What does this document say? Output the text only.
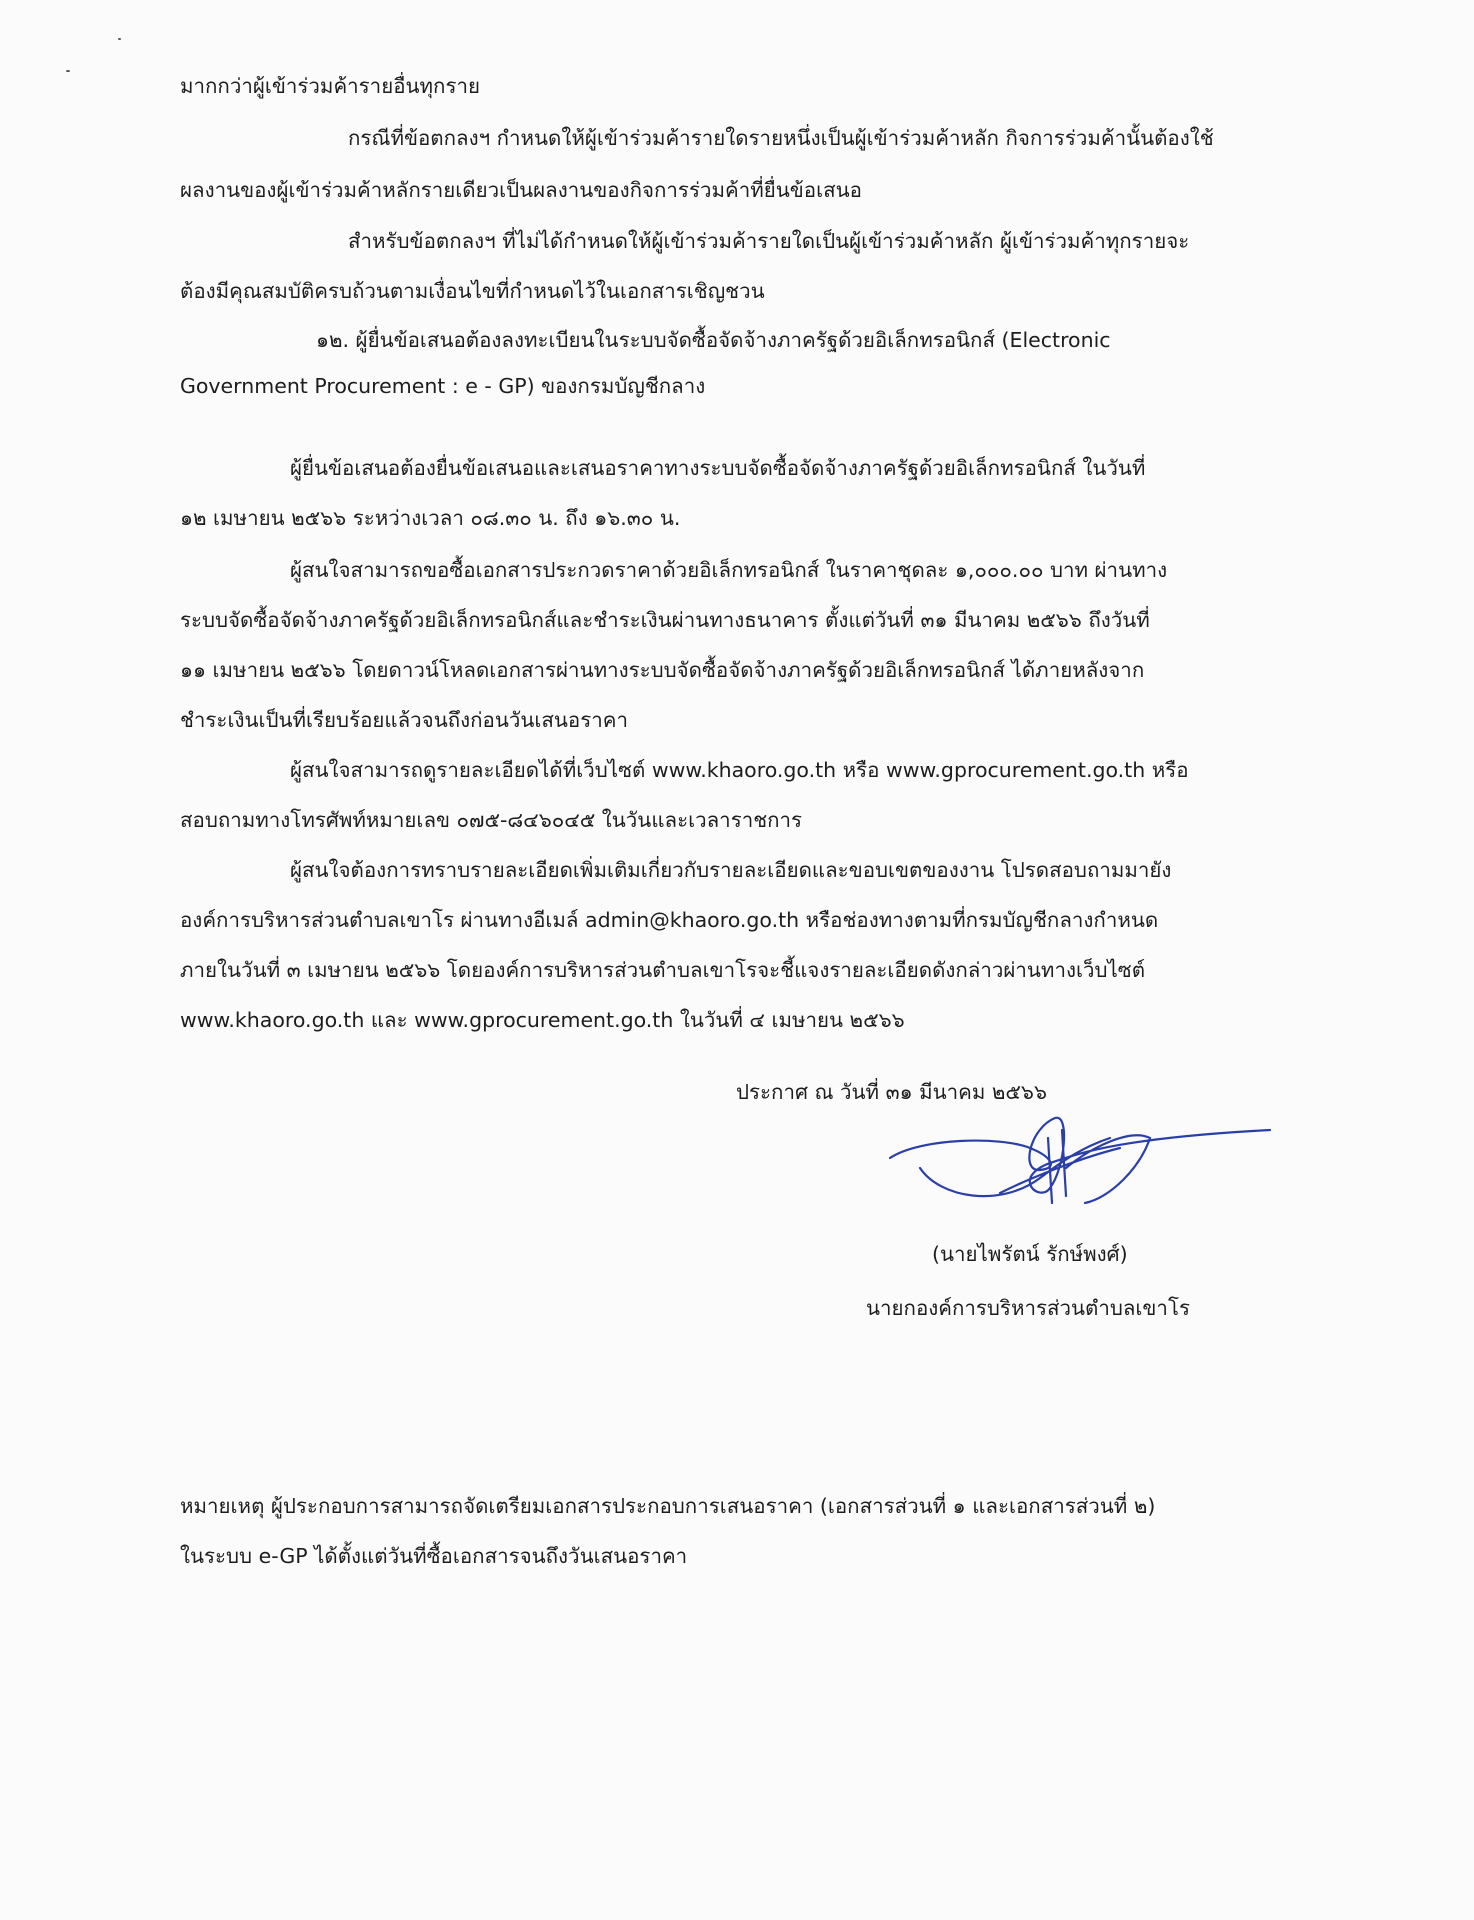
มากกว่าผู้เข้าร่วมค้ารายอื่นทุกราย
กรณีที่ข้อตกลงฯ กำหนดให้ผู้เข้าร่วมค้ารายใดรายหนึ่งเป็นผู้เข้าร่วมค้าหลัก กิจการร่วมค้านั้นต้องใช้
ผลงานของผู้เข้าร่วมค้าหลักรายเดียวเป็นผลงานของกิจการร่วมค้าที่ยื่นข้อเสนอ
สำหรับข้อตกลงฯ ที่ไม่ได้กำหนดให้ผู้เข้าร่วมค้ารายใดเป็นผู้เข้าร่วมค้าหลัก ผู้เข้าร่วมค้าทุกรายจะ
ต้องมีคุณสมบัติครบถ้วนตามเงื่อนไขที่กำหนดไว้ในเอกสารเชิญชวน
๑๒. ผู้ยื่นข้อเสนอต้องลงทะเบียนในระบบจัดซื้อจัดจ้างภาครัฐด้วยอิเล็กทรอนิกส์ (Electronic
Government Procurement : e - GP) ของกรมบัญชีกลาง
ผู้ยื่นข้อเสนอต้องยื่นข้อเสนอและเสนอราคาทางระบบจัดซื้อจัดจ้างภาครัฐด้วยอิเล็กทรอนิกส์ ในวันที่
๑๒ เมษายน ๒๕๖๖ ระหว่างเวลา ๐๘.๓๐ น. ถึง ๑๖.๓๐ น.
ผู้สนใจสามารถขอซื้อเอกสารประกวดราคาด้วยอิเล็กทรอนิกส์ ในราคาชุดละ ๑,๐๐๐.๐๐ บาท ผ่านทาง
ระบบจัดซื้อจัดจ้างภาครัฐด้วยอิเล็กทรอนิกส์และชำระเงินผ่านทางธนาคาร ตั้งแต่วันที่ ๓๑ มีนาคม ๒๕๖๖ ถึงวันที่
๑๑ เมษายน ๒๕๖๖ โดยดาวน์โหลดเอกสารผ่านทางระบบจัดซื้อจัดจ้างภาครัฐด้วยอิเล็กทรอนิกส์ ได้ภายหลังจาก
ชำระเงินเป็นที่เรียบร้อยแล้วจนถึงก่อนวันเสนอราคา
ผู้สนใจสามารถดูรายละเอียดได้ที่เว็บไซต์ www.khaoro.go.th หรือ www.gprocurement.go.th หรือ
สอบถามทางโทรศัพท์หมายเลข ๐๗๕-๘๔๖๐๔๕ ในวันและเวลาราชการ
ผู้สนใจต้องการทราบรายละเอียดเพิ่มเติมเกี่ยวกับรายละเอียดและขอบเขตของงาน โปรดสอบถามมายัง
องค์การบริหารส่วนตำบลเขาโร ผ่านทางอีเมล์ admin@khaoro.go.th หรือช่องทางตามที่กรมบัญชีกลางกำหนด
ภายในวันที่ ๓ เมษายน ๒๕๖๖ โดยองค์การบริหารส่วนตำบลเขาโรจะชี้แจงรายละเอียดดังกล่าวผ่านทางเว็บไซต์
www.khaoro.go.th และ www.gprocurement.go.th ในวันที่ ๔ เมษายน ๒๕๖๖
ประกาศ ณ วันที่ ๓๑ มีนาคม ๒๕๖๖
(นายไพรัตน์ รักษ์พงศ์)
นายกองค์การบริหารส่วนตำบลเขาโร
หมายเหตุ ผู้ประกอบการสามารถจัดเตรียมเอกสารประกอบการเสนอราคา (เอกสารส่วนที่ ๑ และเอกสารส่วนที่ ๒)
ในระบบ e-GP ได้ตั้งแต่วันที่ซื้อเอกสารจนถึงวันเสนอราคา
